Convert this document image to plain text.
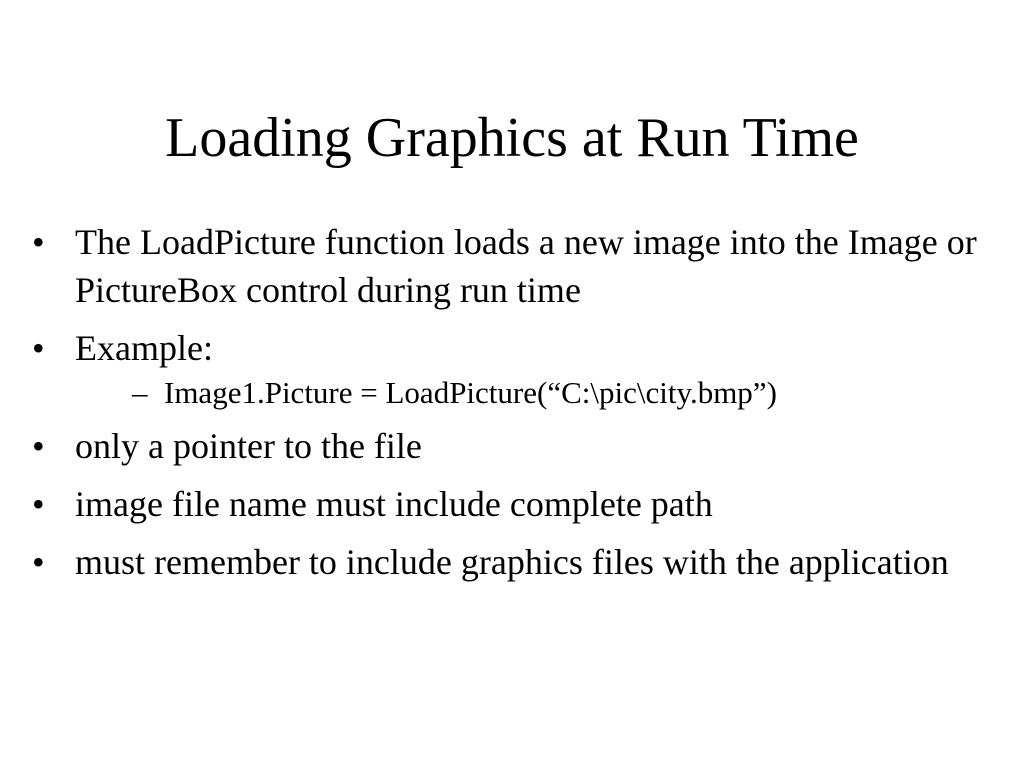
Loading Graphics at Run Time
• The LoadPicture function loads a new image into the Image or PictureBox control during run time
• Example:
– Image1.Picture = LoadPicture(“C:\pic\city.bmp”)
• only a pointer to the file
• image file name must include complete path
• must remember to include graphics files with the application
